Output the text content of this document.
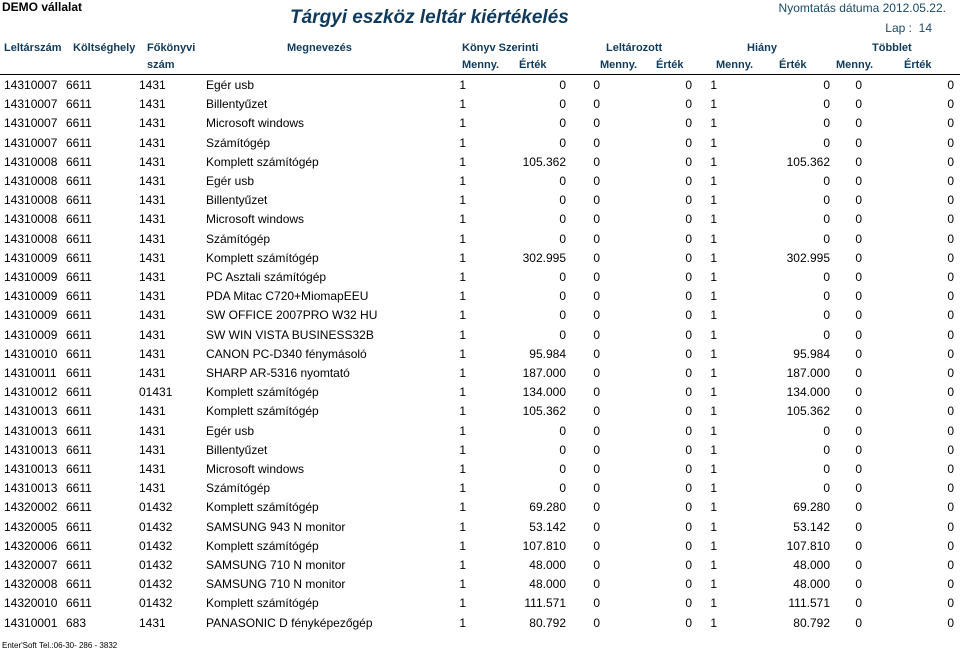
DEMO vállalat	Tárgyi eszköz leltár kiértékelés	Nyomtatás dátuma 2012.05.22.
Lap : 14
Leltárszám Költséghely Főkönyvi
szám
Megnevezés	Könyv Szerinti	Leltározott	Hiány	Többlet
Menny. Érték	Menny. Érték	Menny. Érték	Menny.	Érték
14310007 6611	1431	Egér usb	1	0	0	0	1	0	0	0
14310007 6611	1431	Billentyűzet	1	0	0	0	1	0	0	0
14310007 6611	1431	Microsoft windows	1	0	0	0	1	0	0	0
14310007 6611	1431	Számítógép	1	0	0	0	1	0	0	0
14310008 6611	1431	Komplett számítógép	1	105.362	0	0	1	105.362	0	0
14310008 6611	1431	Egér usb	1	0	0	0	1	0	0	0
14310008 6611	1431	Billentyűzet	1	0	0	0	1	0	0	0
14310008 6611	1431	Microsoft windows	1	0	0	0	1	0	0	0
14310008 6611	1431	Számítógép	1	0	0	0	1	0	0	0
14310009 6611	1431	Komplett számítógép	1	302.995	0	0	1	302.995	0	0
14310009 6611	1431	PC Asztali számítógép	1	0	0	0	1	0	0	0
14310009 6611	1431	PDA Mitac C720+MiomapEEU	1	0	0	0	1	0	0	0
14310009 6611	1431	SW OFFICE 2007PRO W32 HU	1	0	0	0	1	0	0	0
14310009 6611	1431	SW WIN VISTA BUSINESS32B	1	0	0	0	1	0	0	0
14310010 6611	1431	CANON PC-D340 fénymásoló	1	95.984	0	0	1	95.984	0	0
14310011 6611	1431	SHARP AR-5316 nyomtató	1	187.000	0	0	1	187.000	0	0
14310012 6611	01431	Komplett számítógép	1	134.000	0	0	1	134.000	0	0
14310013 6611	1431	Komplett számítógép	1	105.362	0	0	1	105.362	0	0
14310013 6611	1431	Egér usb	1	0	0	0	1	0	0	0
14310013 6611	1431	Billentyűzet	1	0	0	0	1	0	0	0
14310013 6611	1431	Microsoft windows	1	0	0	0	1	0	0	0
14310013 6611	1431	Számítógép	1	0	0	0	1	0	0	0
14320002 6611	01432	Komplett számítógép	1	69.280	0	0	1	69.280	0	0
14320005 6611	01432	SAMSUNG 943 N monitor	1	53.142	0	0	1	53.142	0	0
14320006 6611	01432	Komplett számítógép	1	107.810	0	0	1	107.810	0	0
14320007 6611	01432	SAMSUNG 710 N monitor	1	48.000	0	0	1	48.000	0	0
14320008 6611	01432	SAMSUNG 710 N monitor	1	48.000	0	0	1	48.000	0	0
14320010 6611	01432	Komplett számítógép	1	111.571	0	0	1	111.571	0	0
14310001 683	1431	PANASONIC D fényképezőgép	1	80.792	0	0	1	80.792	0	0
Enter'Soft Tel.:06-30- 286 - 3832
